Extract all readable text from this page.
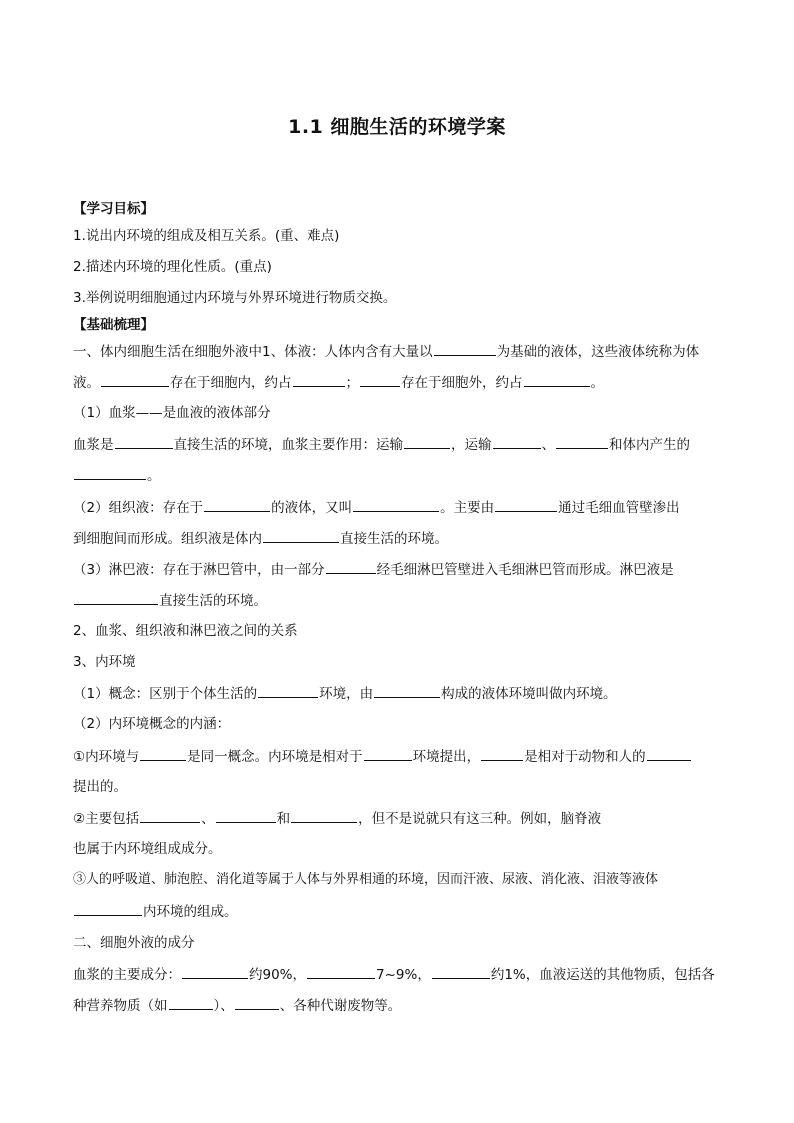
1.1 细胞生活的环境学案
【学习目标】
1.说出内环境的组成及相互关系。(重、难点)
2.描述内环境的理化性质。(重点)
3.举例说明细胞通过内环境与外界环境进行物质交换。
【基础梳理】
一、体内细胞生活在细胞外液中1、体液：人体内含有大量以	为基础的液体，这些液体统称为体
液。	存在于细胞内，约占	；	存在于细胞外，约占	。
（1）血浆——是血液的液体部分
血浆是	直接生活的环境，血浆主要作用：运输	，运输	、	和体内产生的
。
（2）组织液：存在于	的液体，又叫	。主要由	通过毛细血管壁渗出
到细胞间而形成。组织液是体内	直接生活的环境。
（3）淋巴液：存在于淋巴管中，由一部分	经毛细淋巴管壁进入毛细淋巴管而形成。淋巴液是
直接生活的环境。
2、血浆、组织液和淋巴液之间的关系
3、内环境
（1）概念：区别于个体生活的	环境，由	构成的液体环境叫做内环境。
（2）内环境概念的内涵：
①内环境与	是同一概念。内环境是相对于	环境提出，	是相对于动物和人的
提出的。
②主要包括	、	和	，但不是说就只有这三种。例如，脑脊液
也属于内环境组成成分。
③人的呼吸道、肺泡腔、消化道等属于人体与外界相通的环境，因而汗液、尿液、消化液、泪液等液体
内环境的组成。
二、细胞外液的成分
血浆的主要成分：	约90%，	7~9%，	约1%，血液运送的其他物质，包括各
种营养物质（如	）、	、各种代谢废物等。
